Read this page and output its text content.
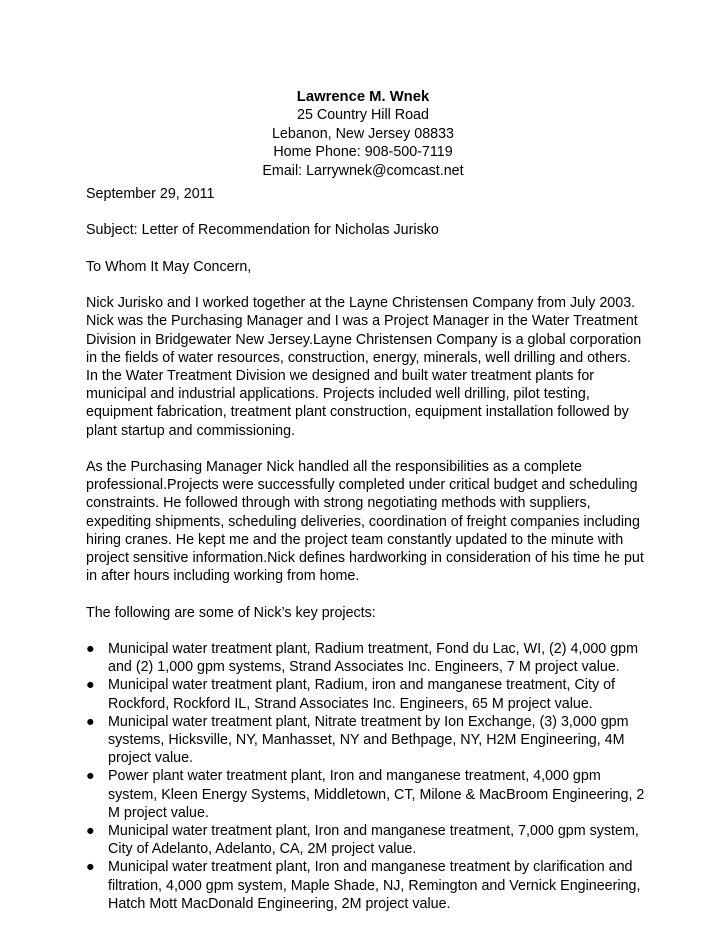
Lawrence M. Wnek
25 Country Hill Road
Lebanon, New Jersey 08833
Home Phone: 908-500-7119
Email: Larrywnek@comcast.net

September 29, 2011

Subject: Letter of Recommendation for Nicholas Jurisko

To Whom It May Concern,

Nick Jurisko and I worked together at the Layne Christensen Company from July 2003. Nick was the Purchasing Manager and I was a Project Manager in the Water Treatment Division in Bridgewater New Jersey.Layne Christensen Company is a global corporation in the fields of water resources, construction, energy, minerals, well drilling and others. In the Water Treatment Division we designed and built water treatment plants for municipal and industrial applications. Projects included well drilling, pilot testing, equipment fabrication, treatment plant construction, equipment installation followed by plant startup and commissioning.

As the Purchasing Manager Nick handled all the responsibilities as a complete professional.Projects were successfully completed under critical budget and scheduling constraints. He followed through with strong negotiating methods with suppliers, expediting shipments, scheduling deliveries, coordination of freight companies including hiring cranes. He kept me and the project team constantly updated to the minute with project sensitive information.Nick defines hardworking in consideration of his time he put in after hours including working from home.

The following are some of Nick’s key projects:

● Municipal water treatment plant, Radium treatment, Fond du Lac, WI, (2) 4,000 gpm and (2) 1,000 gpm systems, Strand Associates Inc. Engineers, 7 M project value.
● Municipal water treatment plant, Radium, iron and manganese treatment, City of Rockford, Rockford IL, Strand Associates Inc. Engineers, 65 M project value.
● Municipal water treatment plant, Nitrate treatment by Ion Exchange, (3) 3,000 gpm systems, Hicksville, NY, Manhasset, NY and Bethpage, NY, H2M Engineering, 4M project value.
● Power plant water treatment plant, Iron and manganese treatment, 4,000 gpm system, Kleen Energy Systems, Middletown, CT, Milone & MacBroom Engineering, 2 M project value.
● Municipal water treatment plant, Iron and manganese treatment, 7,000 gpm system, City of Adelanto, Adelanto, CA, 2M project value.
● Municipal water treatment plant, Iron and manganese treatment by clarification and filtration, 4,000 gpm system, Maple Shade, NJ, Remington and Vernick Engineering, Hatch Mott MacDonald Engineering, 2M project value.
